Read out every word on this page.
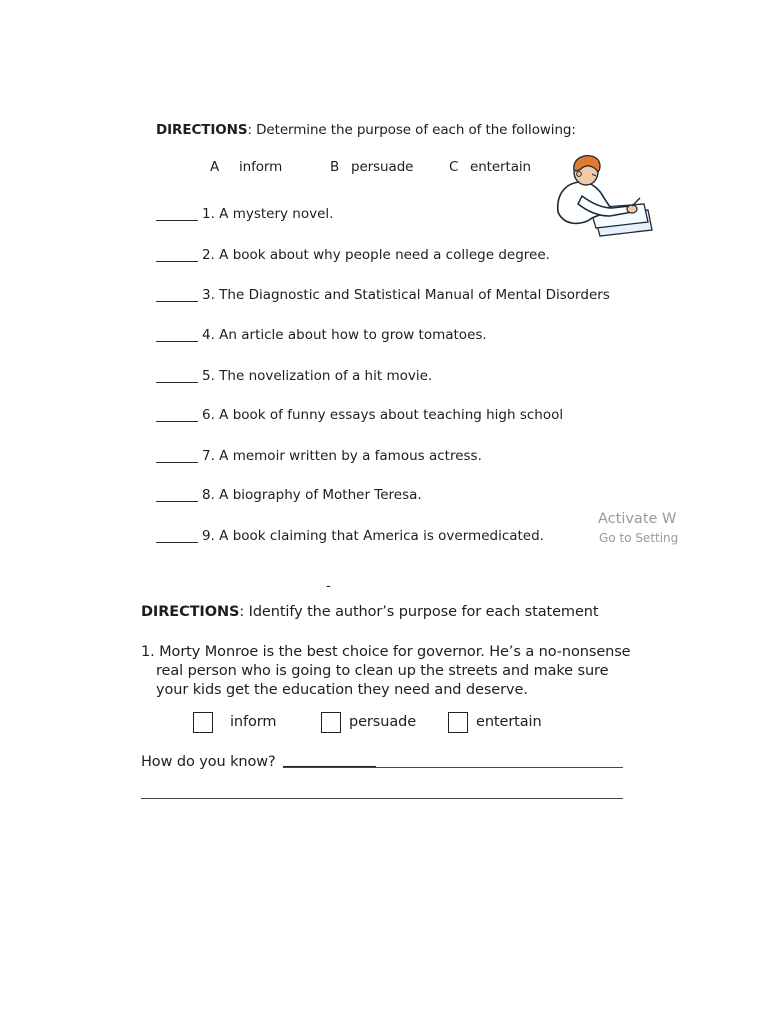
DIRECTIONS: Determine the purpose of each of the following:
A inform	B persuade	C entertain
1. A mystery novel.
2. A book about why people need a college degree.
3. The Diagnostic and Statistical Manual of Mental Disorders
4. An article about how to grow tomatoes.
5. The novelization of a hit movie.
6. A book of funny essays about teaching high school
7. A memoir written by a famous actress.
8. A biography of Mother Teresa.
9. A book claiming that America is overmedicated.
Activate W
Go to Setting
-
DIRECTIONS: Identify the author’s purpose for each statement
1. Morty Monroe is the best choice for governor. He’s a no-nonsense
real person who is going to clean up the streets and make sure
your kids get the education they need and deserve.
inform	persuade	entertain
How do you know?
